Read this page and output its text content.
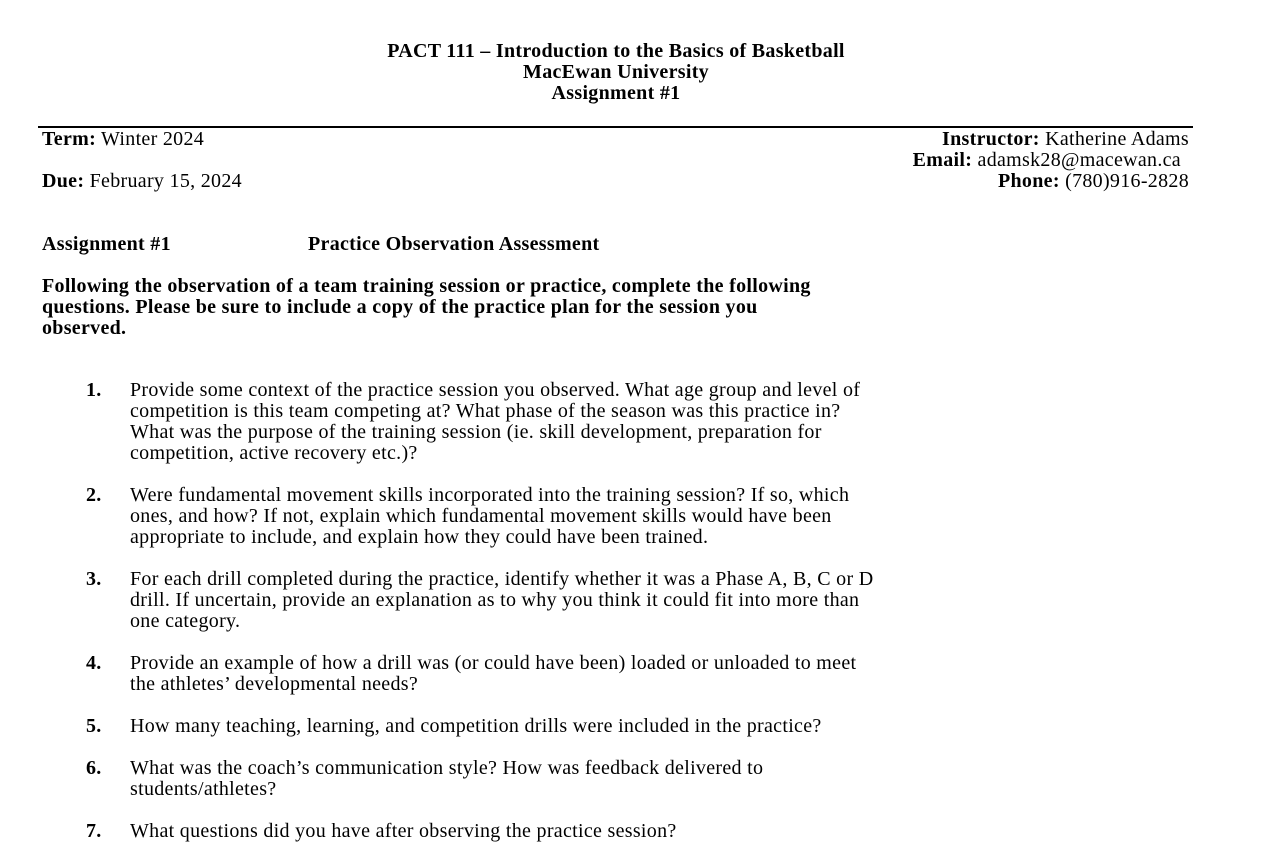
PACT 111 – Introduction to the Basics of Basketball
MacEwan University
Assignment #1
Term: Winter 2024
Due: February 15, 2024
Instructor: Katherine Adams
Email: adamsk28@macewan.ca
Phone: (780)916-2828
Assignment #1	Practice Observation Assessment
Following the observation of a team training session or practice, complete the following
questions. Please be sure to include a copy of the practice plan for the session you
observed.
1. Provide some context of the practice session you observed. What age group and level of
competition is this team competing at? What phase of the season was this practice in?
What was the purpose of the training session (ie. skill development, preparation for
competition, active recovery etc.)?
2. Were fundamental movement skills incorporated into the training session? If so, which
ones, and how? If not, explain which fundamental movement skills would have been
appropriate to include, and explain how they could have been trained.
3. For each drill completed during the practice, identify whether it was a Phase A, B, C or D
drill. If uncertain, provide an explanation as to why you think it could fit into more than
one category.
4. Provide an example of how a drill was (or could have been) loaded or unloaded to meet
the athletes’ developmental needs?
5. How many teaching, learning, and competition drills were included in the practice?
6. What was the coach’s communication style? How was feedback delivered to
students/athletes?
7. What questions did you have after observing the practice session?
